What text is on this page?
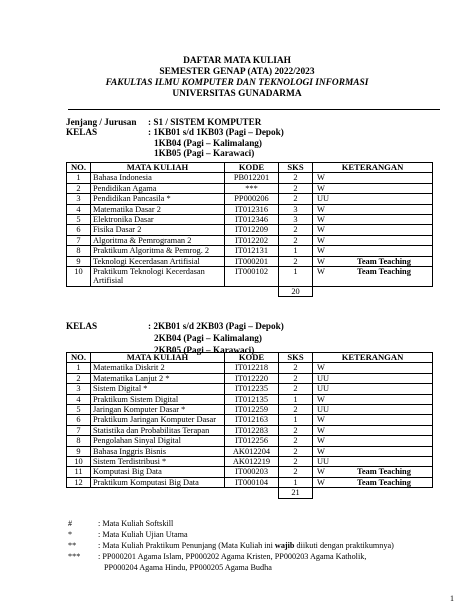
DAFTAR MATA KULIAH
SEMESTER GENAP (ATA) 2022/2023
FAKULTAS ILMU KOMPUTER DAN TEKNOLOGI INFORMASI
UNIVERSITAS GUNADARMA
Jenjang / Jurusan : S1 / SISTEM KOMPUTER
KELAS	: 1KB01 s/d 1KB03 (Pagi – Depok)
1KB04 (Pagi – Kalimalang)
1KB05 (Pagi – Karawaci)
NO.	MATA KULIAH	KODE	SKS	KETERANGAN
1	Bahasa Indonesia	PB012201	2	W
2	Pendidikan Agama	***	2	W
3	Pendidikan Pancasila *	PP000206	2	UU
4	Matematika Dasar 2	IT012316	3	W
5	Elektronika Dasar	IT012346	3	W
6	Fisika Dasar 2	IT012209	2	W
7	Algoritma & Pemrograman 2	IT012202	2	W
8	Praktikum Algoritma & Pemrog. 2	IT012131	1	W
9	Teknologi Kecerdasan Artifisial	IT000201	2	W Team Teaching
10	Praktikum Teknologi Kecerdasan Artifisial	IT000102	1	W Team Teaching
			20	
KELAS	: 2KB01 s/d 2KB03 (Pagi – Depok)
2KB04 (Pagi – Kalimalang)
2KB05 (Pagi – Karawaci)
NO.	MATA KULIAH	KODE	SKS	KETERANGAN
1	Matematika Diskrit 2	IT012218	2	W
2	Matematika Lanjut 2 *	IT012220	2	UU
3	Sistem Digital *	IT012235	2	UU
4	Praktikum Sistem Digital	IT012135	1	W
5	Jaringan Komputer Dasar *	IT012259	2	UU
6	Praktikum Jaringan Komputer Dasar	IT012163	1	W
7	Statistika dan Probabilitas Terapan	IT012283	2	W
8	Pengolahan Sinyal Digital	IT012256	2	W
9	Bahasa Inggris Bisnis	AK012204	2	W
10	Sistem Terdistribusi *	AK012219	2	UU
11	Komputasi Big Data	IT000203	2	W Team Teaching
12	Praktikum Komputasi Big Data	IT000104	1	W Team Teaching
			21	
#	: Mata Kuliah Softskill
*	: Mata Kuliah Ujian Utama
**	: Mata Kuliah Praktikum Penunjang (Mata Kuliah ini wajib diikuti dengan praktikumnya)
*** : PP000201 Agama Islam, PP000202 Agama Kristen, PP000203 Agama Katholik,
PP000204 Agama Hindu, PP000205 Agama Budha
1
